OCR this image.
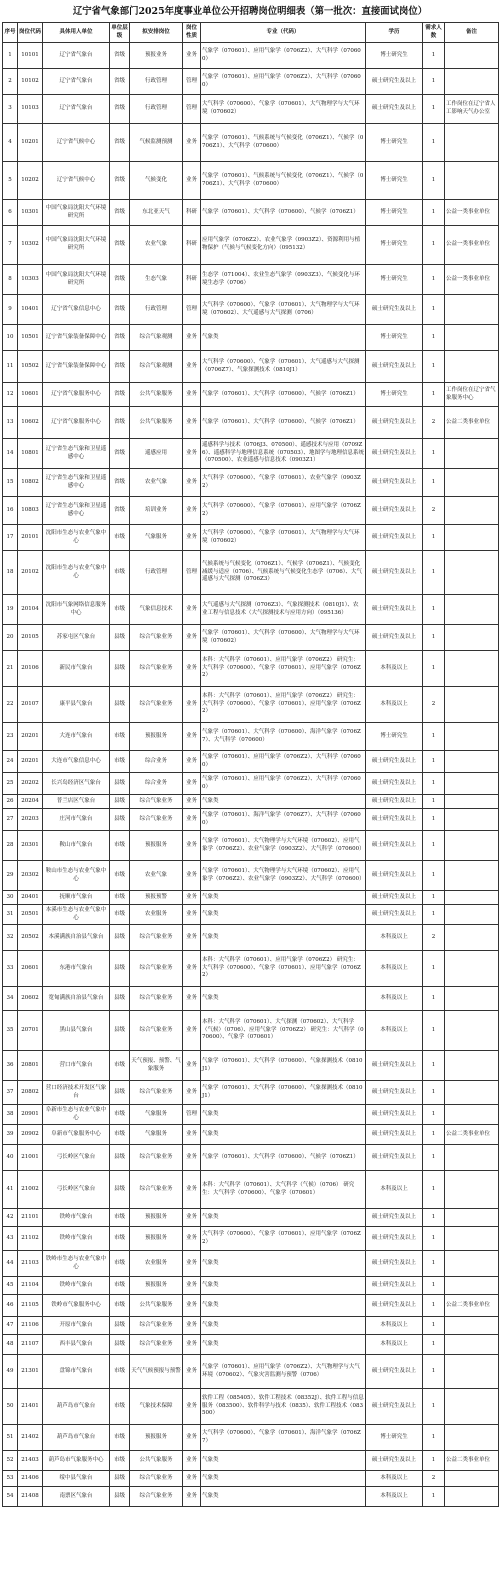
辽宁省气象部门2025年度事业单位公开招聘岗位明细表（第一批次：直接面试岗位）
序号	岗位代码	具体用人单位	单位层级	拟安排岗位	岗位性质	专业（代码）	学历	需求人数	备注
1	10101	辽宁省气象台	省级	预报业务	业务	气象学（070601）、应用气象学（0706Z2）、大气科学（070600）	博士研究生	1	
2	10102	辽宁省气象台	省级	行政管理	管理	气象学（070601）、应用气象学（0706Z2）、大气科学（070600）	硕士研究生及以上	1	
3	10103	辽宁省气象台	省级	行政管理	管理	大气科学（070600）、气象学（070601）、大气物理学与大气环境（070602）	硕士研究生及以上	1	工作岗位在辽宁省人工影响天气办公室
4	10201	辽宁省气候中心	省级	气候监测预测	业务	气象学（070601）、气候系统与气候变化（0706Z1）、气候学（0706Z1）、大气科学（070600）	博士研究生	1	
5	10202	辽宁省气候中心	省级	气候变化	业务	气象学（070601）、气候系统与气候变化（0706Z1）、气候学（0706Z1）、大气科学（070600）	博士研究生	1	
6	10301	中国气象局沈阳大气环境研究所	省级	东北亚天气	科研	气象学（070601）、大气科学（070600）、气候学（0706Z1）	博士研究生	1	公益一类事业单位
7	10302	中国气象局沈阳大气环境研究所	省级	农业气象	科研	应用气象学（0706Z2）、农业气象学（0903Z2）、资源利用与植物保护（气候与气候变化方向）（095132）	博士研究生	1	公益一类事业单位
8	10303	中国气象局沈阳大气环境研究所	省级	生态气象	科研	生态学（071004）、农业生态气象学（0903Z3）、气候变化与环境生态学（0706）	博士研究生	1	公益一类事业单位
9	10401	辽宁省气象信息中心	省级	行政管理	管理	大气科学（070600）、气象学（070601）、大气物理学与大气环境（070602）、大气遥感与大气探测（0706）	硕士研究生及以上	1	
10	10501	辽宁省气象装备保障中心	省级	综合气象观测	业务	气象类	博士研究生	1	
11	10502	辽宁省气象装备保障中心	省级	综合气象观测	业务	大气科学（070600）、气象学（070601）、大气遥感与大气探测（0706Z7）、气象探测技术（0810J1）	硕士研究生及以上	1	
12	10601	辽宁省气象服务中心	省级	公共气象服务	业务	气象学（070601）、大气科学（070600）、气候学（0706Z1）	博士研究生	1	工作岗位在辽宁省气象服务中心
13	10602	辽宁省气象服务中心	省级	公共气象服务	业务	气象学（070601）、大气科学（070600）、气候学（0706Z1）	硕士研究生及以上	2	公益二类事业单位
14	10801	辽宁省生态气象和卫星遥感中心	省级	遥感应用	业务	遥感科学与技术（0706J3、070500）、遥感技术与应用（0709Z6）、遥感科学与地理信息系统（070503）、地图学与地理信息系统（070500）、农业遥感与信息技术（0903Z1）	硕士研究生及以上	1	
15	10802	辽宁省生态气象和卫星遥感中心	省级	农业气象	业务	大气科学（070600）、气象学（070601）、农业气象学（0903Z2）	硕士研究生及以上	1	
16	10803	辽宁省生态气象和卫星遥感中心	省级	培训业务	业务	大气科学（070600）、气象学（070601）、应用气象学（0706Z2）	硕士研究生及以上	2	
17	20101	沈阳市生态与农业气象中心	市级	气象服务	业务	大气科学（070600）、气象学（070601）、大气物理学与大气环境（070602）	硕士研究生及以上	1	
18	20102	沈阳市生态与农业气象中心	市级	行政管理	管理	气候系统与气候变化（0706Z1）、气候学（0706Z1）、气候变化减缓与适应（0706）、气候系统与气候变化生态学（0706）、大气遥感与大气探测（0706Z3）	硕士研究生及以上	1	
19	20104	沈阳市气象网络信息服务中心	市级	气象信息技术	业务	大气遥感与大气探测（0706Z3）、气象探测技术（0810J1）、农业工程与信息技术（大气探测技术与应用方向）（095136）	硕士研究生及以上	1	
20	20105	苏家屯区气象台	县级	综合气象业务	业务	气象学（070601）、大气科学（070600）、大气物理学与大气环境（070602）	硕士研究生及以上	1	
21	20106	新民市气象台	县级	综合气象业务	业务	本科：大气科学（070601）、应用气象学（0706Z2） 研究生：大气科学（070600）、气象学（070601）、应用气象学（0706Z2）	本科及以上	1	
22	20107	康平县气象台	县级	综合气象业务	业务	本科：大气科学（070601）、应用气象学（0706Z2） 研究生：大气科学（070600）、气象学（070601）、应用气象学（0706Z2）	本科及以上	2	
23	20201	大连市气象台	市级	预报服务	业务	气象学（070601）、大气科学（070600）、海洋气象学（0706Z7）、大气科学（070600）	博士研究生	1	
24	20201	大连市气象信息中心	市级	综合业务	业务	气象学（070601）、应用气象学（0706Z2）、大气科学（070600）	硕士研究生及以上	1	
25	20202	长兴岛经济区气象台	县级	综合业务	业务	气象学（070601）、应用气象学（0706Z2）、大气科学（070600）	硕士研究生及以上	1	
26	20204	普兰店区气象台	县级	综合气象业务	业务	气象类	硕士研究生及以上	1	
27	20203	庄河市气象台	县级	综合气象业务	业务	气象学（070601）、海洋气象学（0706Z7）、大气科学（070600）	硕士研究生及以上	1	
28	20301	鞍山市气象台	市级	预报服务	业务	气象学（070601）、大气物理学与大气环境（070602）、应用气象学（0706Z2）、农业气象学（0903Z2）、大气科学（070600）	硕士研究生及以上	1	
29	20302	鞍山市生态与农业气象中心	市级	农业气象	业务	气象学（070601）、大气物理学与大气环境（070602）、应用气象学（0706Z2）、农业气象学（0903Z2）、大气科学（070600）	硕士研究生及以上	1	
30	20401	抚顺市气象台	市级	预报预警	业务	气象类	硕士研究生及以上	1	
31	20501	本溪市生态与农业气象中心	市级	农业服务	业务	气象类	硕士研究生及以上	1	
32	20502	本溪满族自治县气象台	县级	综合气象业务	业务	气象类	本科及以上	2	
33	20601	东港市气象台	县级	综合气象业务	业务	本科：大气科学（070601）、应用气象学（0706Z2） 研究生：大气科学（070600）、气象学（070601）、应用气象学（0706Z2）	本科及以上	1	
34	20602	宽甸满族自治县气象台	县级	综合气象业务	业务	气象类	本科及以上	1	
35	20701	黑山县气象台	县级	综合气象业务	业务	本科：大气科学（070601）、大气探测（070602）、大气科学（气候）（0706）、应用气象学（0706Z2） 研究生：大气科学（070600）、气象学（070601）	本科及以上	1	
36	20801	营口市气象台	市级	天气预报、预警、气象服务	业务	气象学（070601）、大气科学（070600）、气象探测技术（0810J1）	硕士研究生及以上	1	
37	20802	营口经济技术开发区气象台	县级	综合气象业务	业务	气象学（070601）、大气科学（070600）、气象探测技术（0810J1）	硕士研究生及以上	1	
38	20901	阜新市生态与农业气象中心	市级	气象服务	管理	气象类	硕士研究生及以上	1	
39	20902	阜新市气象服务中心	市级	气象服务	业务	气象类	硕士研究生及以上	1	公益二类事业单位
40	21001	弓长岭区气象台	县级	综合气象业务	业务	气象学（070601）、大气科学（070600）、气候学（0706Z1）	硕士研究生及以上	1	
41	21002	弓长岭区气象台	县级	综合气象业务	业务	本科：大气科学（070601）、大气科学（气候）（0706） 研究生：大气科学（070600）、气象学（070601）	本科及以上	1	
42	21101	铁岭市气象台	市级	预报服务	业务	气象类	硕士研究生及以上	1	
43	21102	铁岭市气象台	市级	预报服务	业务	大气科学（070600）、气象学（070601）、应用气象学（0706Z2）	硕士研究生及以上	1	
44	21103	铁岭市生态与农业气象中心	市级	农业服务	业务	气象类	硕士研究生及以上	1	
45	21104	铁岭市气象台	市级	预报服务	业务	气象类	硕士研究生及以上	1	
46	21105	铁岭市气象服务中心	市级	公共气象服务	业务	气象类	硕士研究生及以上	1	公益二类事业单位
47	21106	开原市气象台	县级	综合气象业务	业务	气象类	本科及以上	1	
48	21107	西丰县气象台	县级	综合气象业务	业务	气象类	本科及以上	1	
49	21301	盘锦市气象台	市级	天气气候预报与预警	业务	气象学（070601）、应用气象学（0706Z2）、大气物理学与大气环境（070602）、气象灾害监测与预警（0706）	硕士研究生及以上	1	
50	21401	葫芦岛市气象台	市级	气象技术保障	业务	软件工程（085405）、软件工程技术（08352J）、软件工程与信息服务（083500）、软件科学与技术（0835）、软件工程技术（083500）	硕士研究生及以上	1	
51	21402	葫芦岛市气象台	市级	预报服务	业务	大气科学（070600）、气象学（070601）、海洋气象学（0706Z7）	博士研究生	1	
52	21403	葫芦岛市气象服务中心	市级	公共气象服务	业务	气象类	硕士研究生及以上	1	公益二类事业单位
53	21406	绥中县气象台	县级	综合气象业务	业务	气象类	本科及以上	2	
54	21408	南票区气象台	县级	综合气象业务	业务	气象类	本科及以上	1	
